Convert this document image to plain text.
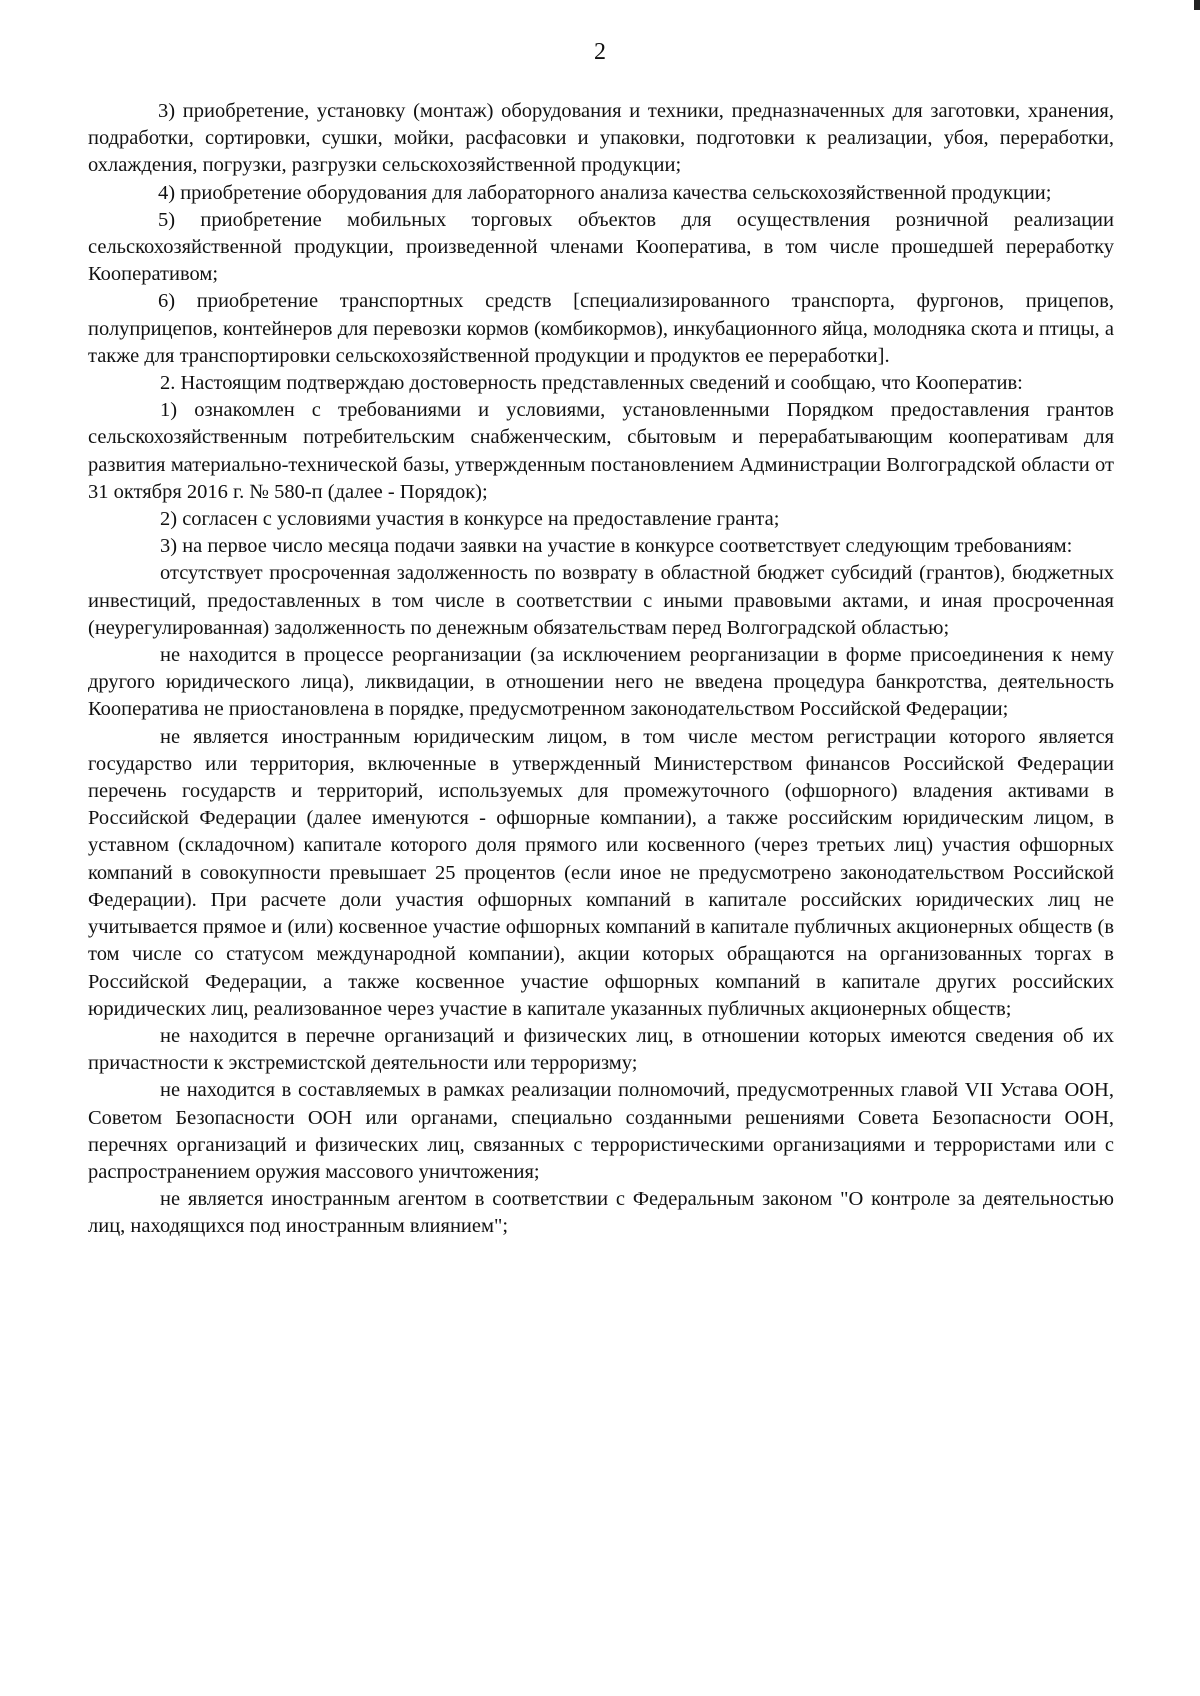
2

3) приобретение, установку (монтаж) оборудования и техники, предназначенных для заготовки, хранения, подработки, сортировки, сушки, мойки, расфасовки и упаковки, подготовки к реализации, убоя, переработки, охлаждения, погрузки, разгрузки сельскохозяйственной продукции;

4) приобретение оборудования для лабораторного анализа качества сельскохозяйственной продукции;

5) приобретение мобильных торговых объектов для осуществления розничной реализации сельскохозяйственной продукции, произведенной членами Кооператива, в том числе прошедшей переработку Кооперативом;

6) приобретение транспортных средств [специализированного транспорта, фургонов, прицепов, полуприцепов, контейнеров для перевозки кормов (комбикормов), инкубационного яйца, молодняка скота и птицы, а также для транспортировки сельскохозяйственной продукции и продуктов ее переработки].

2. Настоящим подтверждаю достоверность представленных сведений и сообщаю, что Кооператив:

1) ознакомлен с требованиями и условиями, установленными Порядком предоставления грантов сельскохозяйственным потребительским снабженческим, сбытовым и перерабатывающим кооперативам для развития материально-технической базы, утвержденным постановлением Администрации Волгоградской области от 31 октября 2016 г. № 580-п (далее - Порядок);

2) согласен с условиями участия в конкурсе на предоставление гранта;

3) на первое число месяца подачи заявки на участие в конкурсе соответствует следующим требованиям:

отсутствует просроченная задолженность по возврату в областной бюджет субсидий (грантов), бюджетных инвестиций, предоставленных в том числе в соответствии с иными правовыми актами, и иная просроченная (неурегулированная) задолженность по денежным обязательствам перед Волгоградской областью;

не находится в процессе реорганизации (за исключением реорганизации в форме присоединения к нему другого юридического лица), ликвидации, в отношении него не введена процедура банкротства, деятельность Кооператива не приостановлена в порядке, предусмотренном законодательством Российской Федерации;

не является иностранным юридическим лицом, в том числе местом регистрации которого является государство или территория, включенные в утвержденный Министерством финансов Российской Федерации перечень государств и территорий, используемых для промежуточного (офшорного) владения активами в Российской Федерации (далее именуются - офшорные компании), а также российским юридическим лицом, в уставном (складочном) капитале которого доля прямого или косвенного (через третьих лиц) участия офшорных компаний в совокупности превышает 25 процентов (если иное не предусмотрено законодательством Российской Федерации). При расчете доли участия офшорных компаний в капитале российских юридических лиц не учитывается прямое и (или) косвенное участие офшорных компаний в капитале публичных акционерных обществ (в том числе со статусом международной компании), акции которых обращаются на организованных торгах в Российской Федерации, а также косвенное участие офшорных компаний в капитале других российских юридических лиц, реализованное через участие в капитале указанных публичных акционерных обществ;

не находится в перечне организаций и физических лиц, в отношении которых имеются сведения об их причастности к экстремистской деятельности или терроризму;

не находится в составляемых в рамках реализации полномочий, предусмотренных главой VII Устава ООН, Советом Безопасности ООН или органами, специально созданными решениями Совета Безопасности ООН, перечнях организаций и физических лиц, связанных с террористическими организациями и террористами или с распространением оружия массового уничтожения;

не является иностранным агентом в соответствии с Федеральным законом "О контроле за деятельностью лиц, находящихся под иностранным влиянием";
